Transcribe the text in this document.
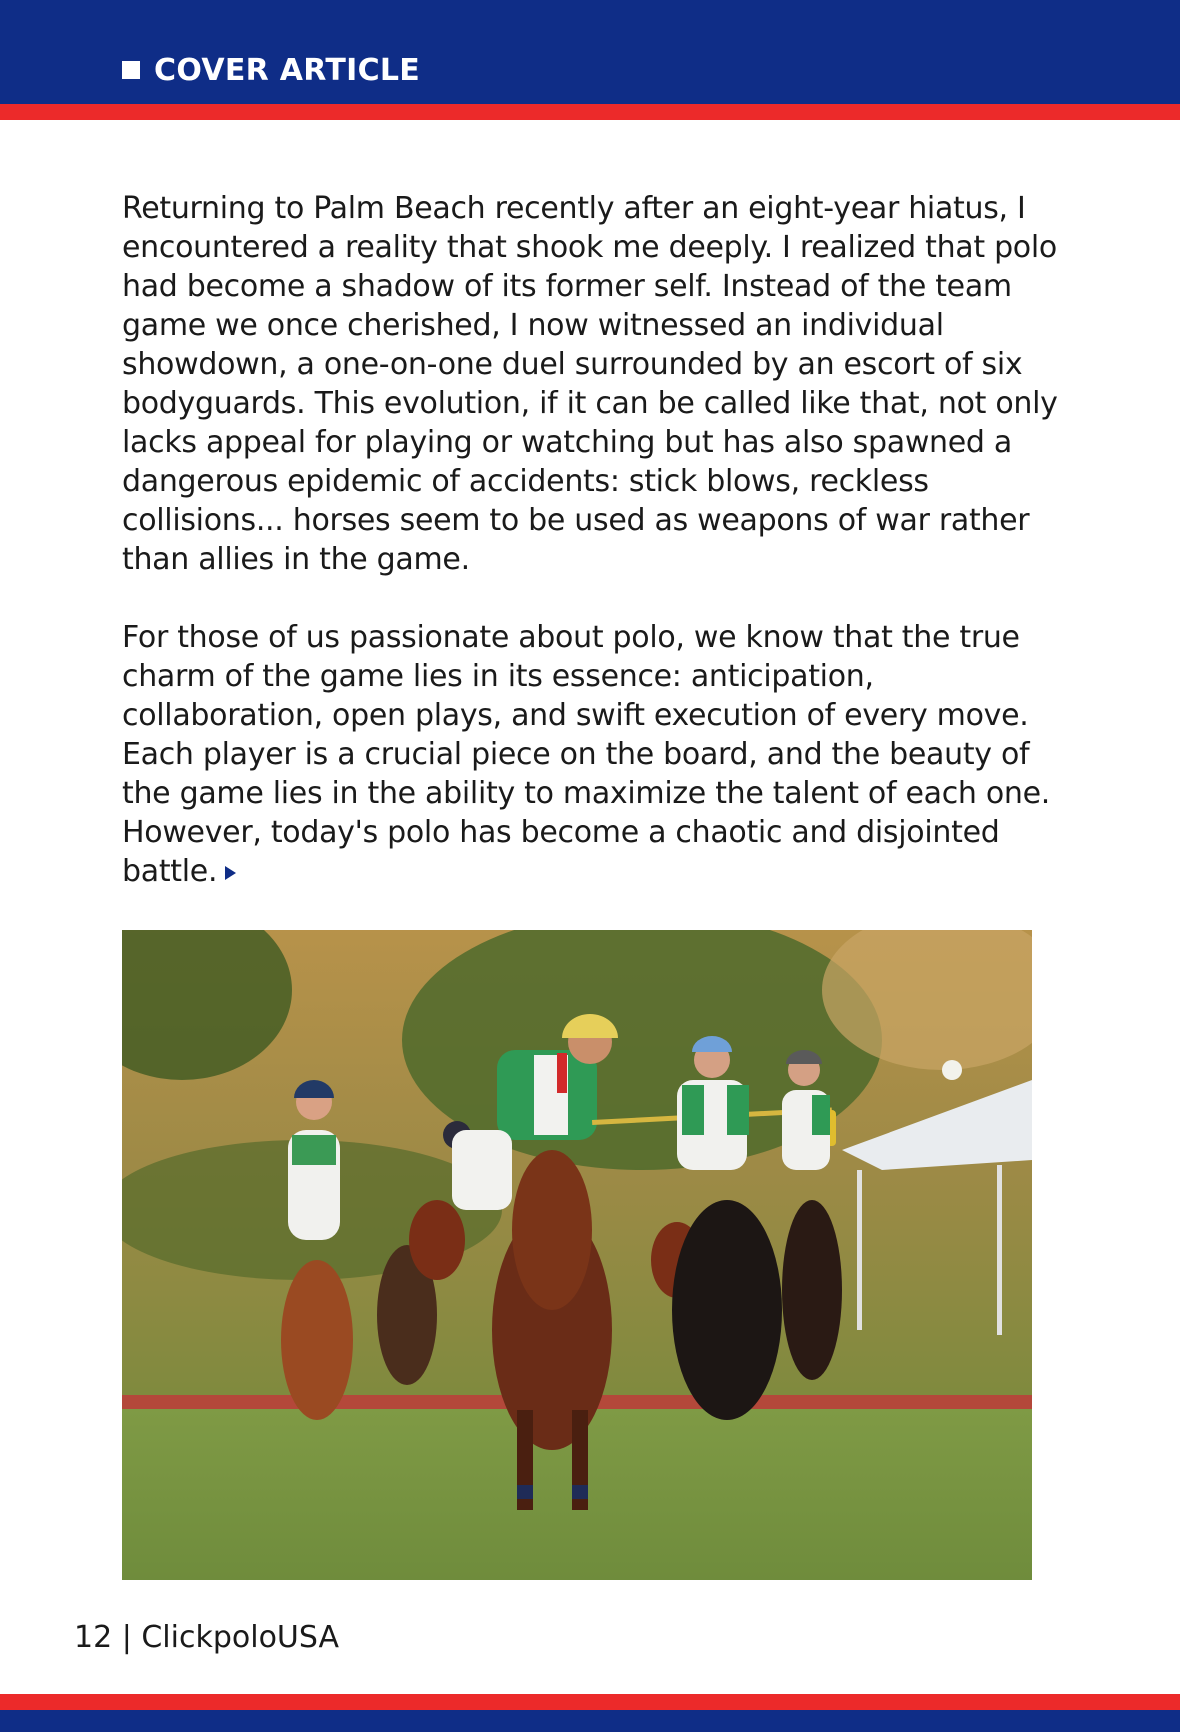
COVER ARTICLE

Returning to Palm Beach recently after an eight-year hiatus, I encountered a reality that shook me deeply. I realized that polo had become a shadow of its former self. Instead of the team game we once cherished, I now witnessed an individual showdown, a one-on-one duel surrounded by an escort of six bodyguards. This evolution, if it can be called like that, not only lacks appeal for playing or watching but has also spawned a dangerous epidemic of accidents: stick blows, reckless collisions... horses seem to be used as weapons of war rather than allies in the game.

For those of us passionate about polo, we know that the true charm of the game lies in its essence: anticipation, collaboration, open plays, and swift execution of every move. Each player is a crucial piece on the board, and the beauty of the game lies in the ability to maximize the talent of each one. However, today's polo has become a chaotic and disjointed battle.

12 | ClickpoloUSA
